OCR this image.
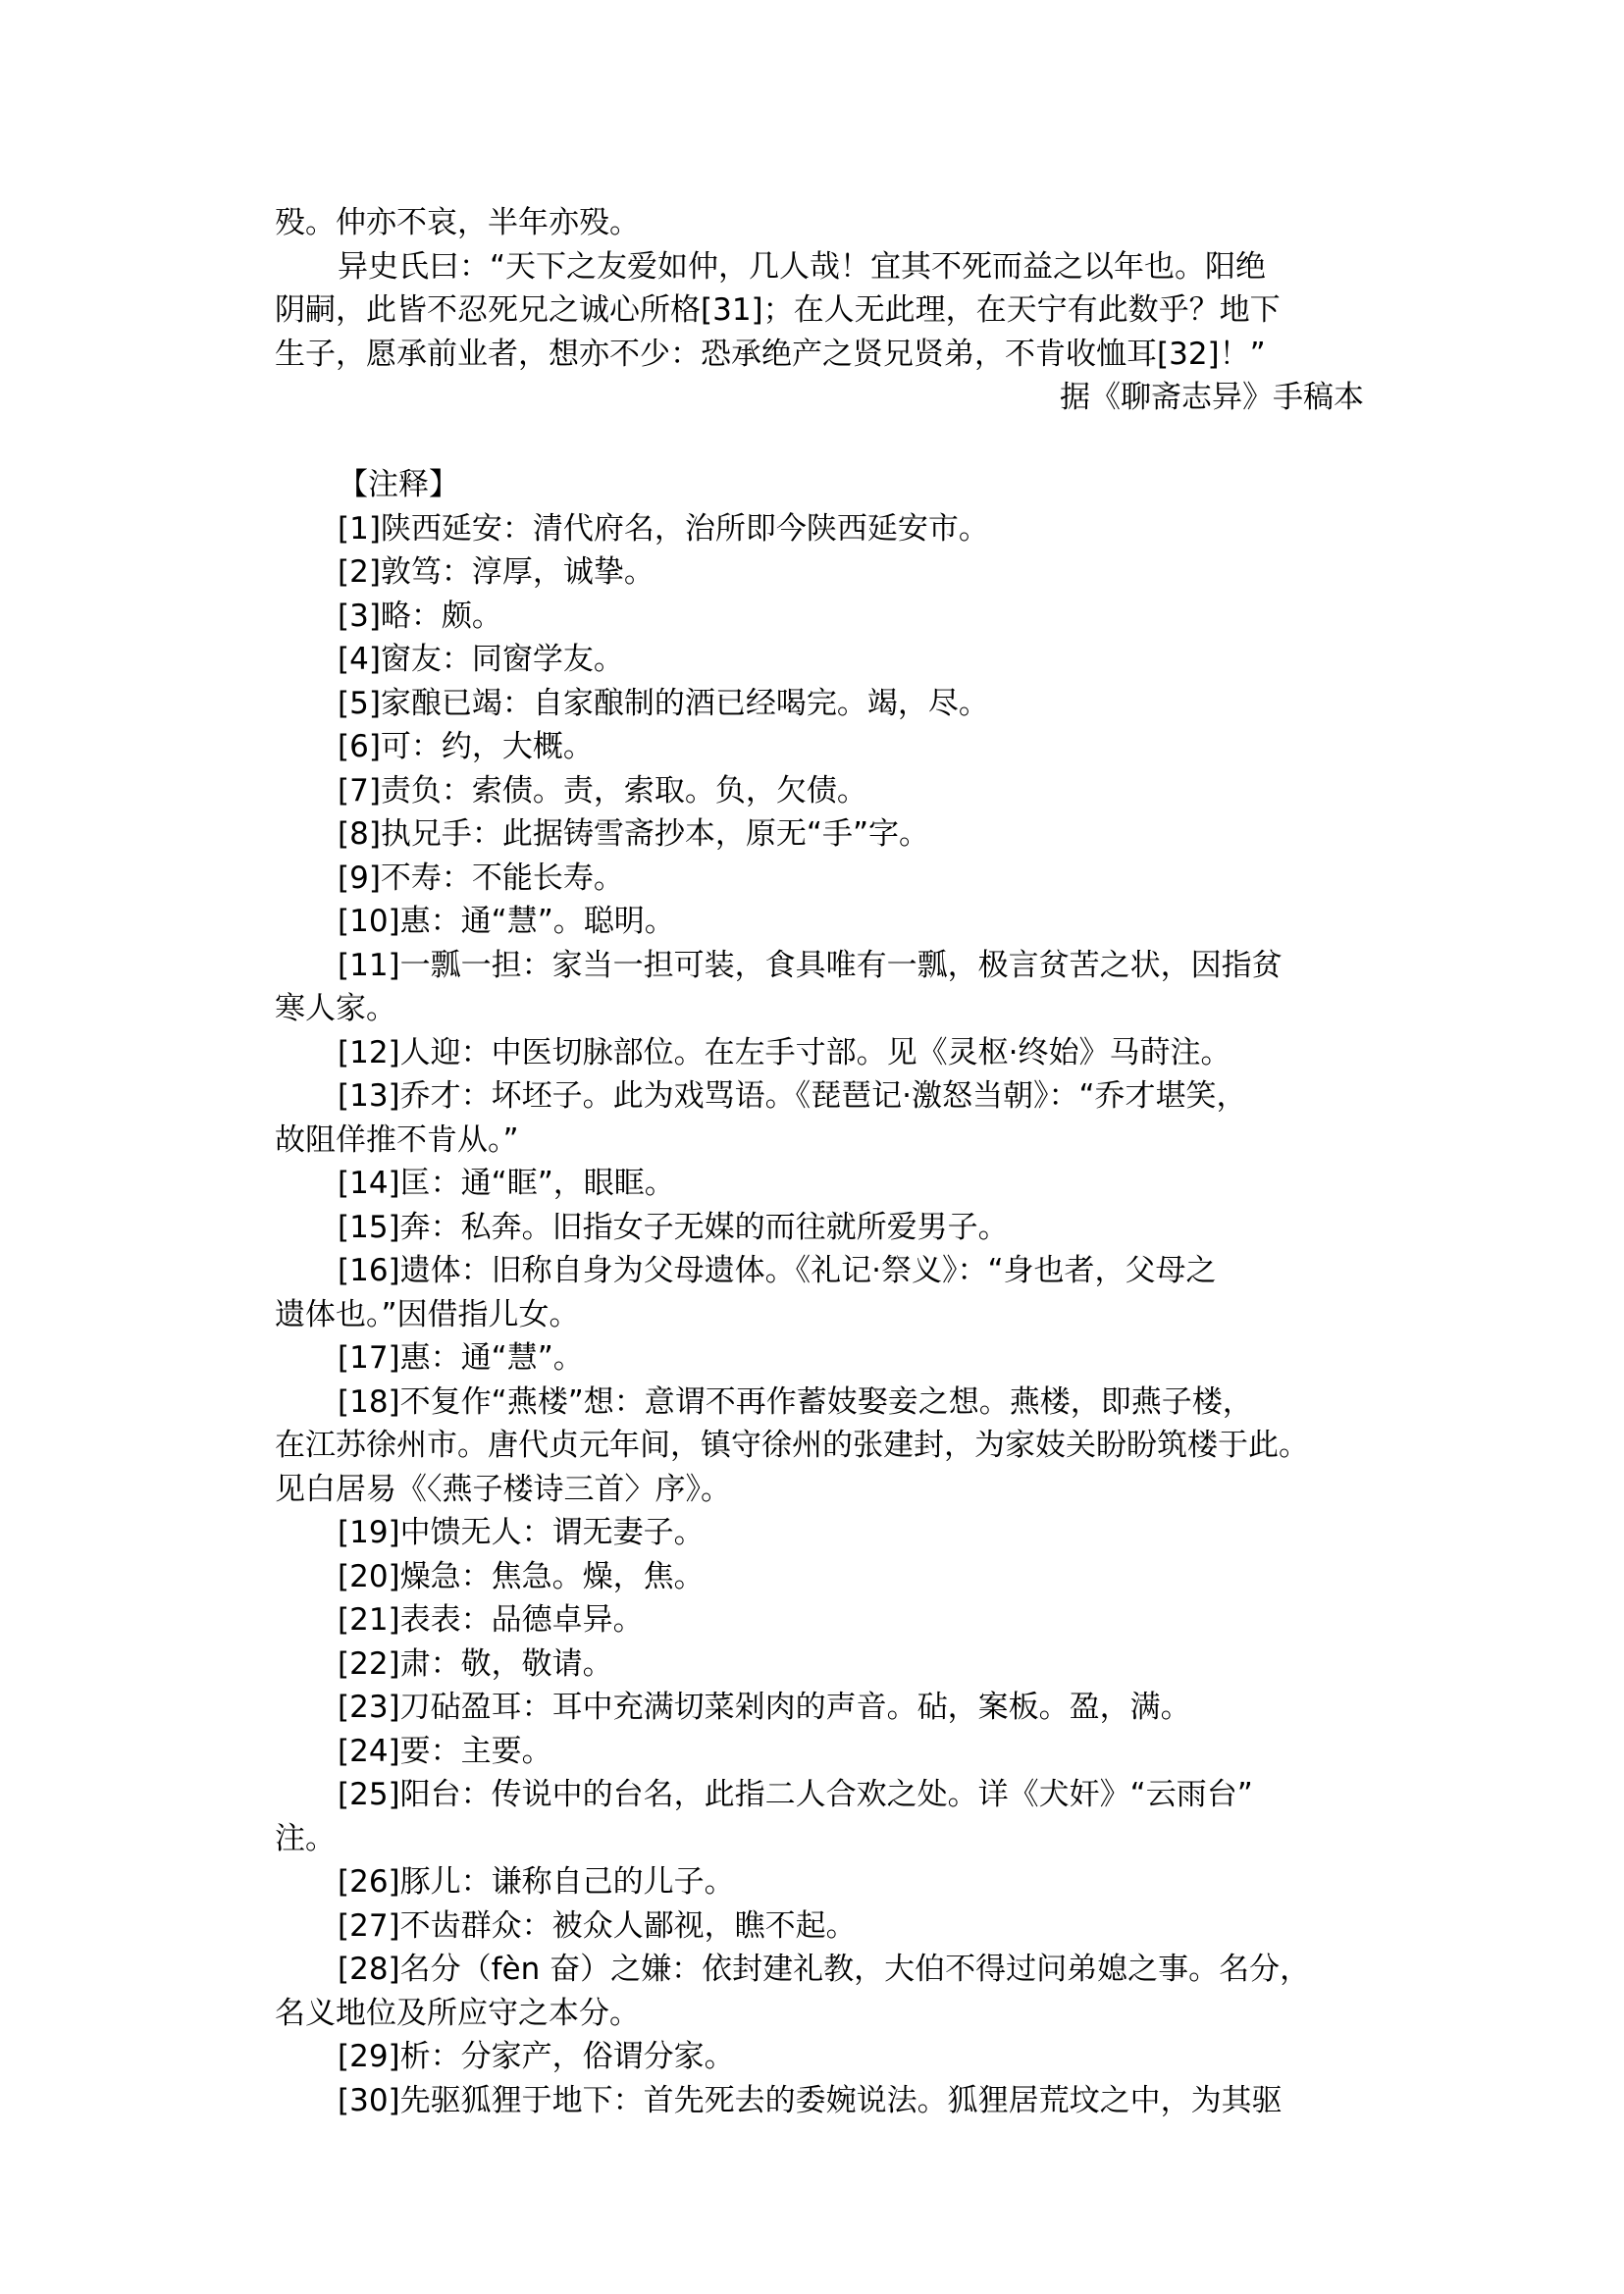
殁。仲亦不哀，半年亦殁。
异史氏曰：“天下之友爱如仲，几人哉！宜其不死而益之以年也。阳绝
阴嗣，此皆不忍死兄之诚心所格[31]；在人无此理，在天宁有此数乎？地下
生子，愿承前业者，想亦不少：恐承绝产之贤兄贤弟，不肯收恤耳[32]！”
据《聊斋志异》手稿本
【注释】
[1]陕西延安：清代府名，治所即今陕西延安市。
[2]敦笃：淳厚，诚挚。
[3]略：颇。
[4]窗友：同窗学友。
[5]家酿已竭：自家酿制的酒已经喝完。竭，尽。
[6]可：约，大概。
[7]责负：索债。责，索取。负，欠债。
[8]执兄手：此据铸雪斋抄本，原无“手”字。
[9]不寿：不能长寿。
[10]惠：通“慧”。聪明。
[11]一瓢一担：家当一担可装，食具唯有一瓢，极言贫苦之状，因指贫
寒人家。
[12]人迎：中医切脉部位。在左手寸部。见《灵枢·终始》马莳注。
[13]乔才：坏坯子。此为戏骂语。《琵琶记·激怒当朝》：“乔才堪笑，
故阻佯推不肯从。”
[14]匡：通“眶”，眼眶。
[15]奔：私奔。旧指女子无媒的而往就所爱男子。
[16]遗体：旧称自身为父母遗体。《礼记·祭义》：“身也者，父母之
遗体也。”因借指儿女。
[17]惠：通“慧”。
[18]不复作“燕楼”想：意谓不再作蓄妓娶妾之想。燕楼，即燕子楼，
在江苏徐州市。唐代贞元年间，镇守徐州的张建封，为家妓关盼盼筑楼于此。
见白居易《〈燕子楼诗三首〉序》。
[19]中馈无人：谓无妻子。
[20]燥急：焦急。燥，焦。
[21]表表：品德卓异。
[22]肃：敬，敬请。
[23]刀砧盈耳：耳中充满切菜剁肉的声音。砧，案板。盈，满。
[24]要：主要。
[25]阳台：传说中的台名，此指二人合欢之处。详《犬奸》“云雨台”
注。
[26]豚儿：谦称自己的儿子。
[27]不齿群众：被众人鄙视，瞧不起。
[28]名分（fèn 奋）之嫌：依封建礼教，大伯不得过问弟媳之事。名分，
名义地位及所应守之本分。
[29]析：分家产，俗谓分家。
[30]先驱狐狸于地下：首先死去的委婉说法。狐狸居荒坟之中，为其驱
